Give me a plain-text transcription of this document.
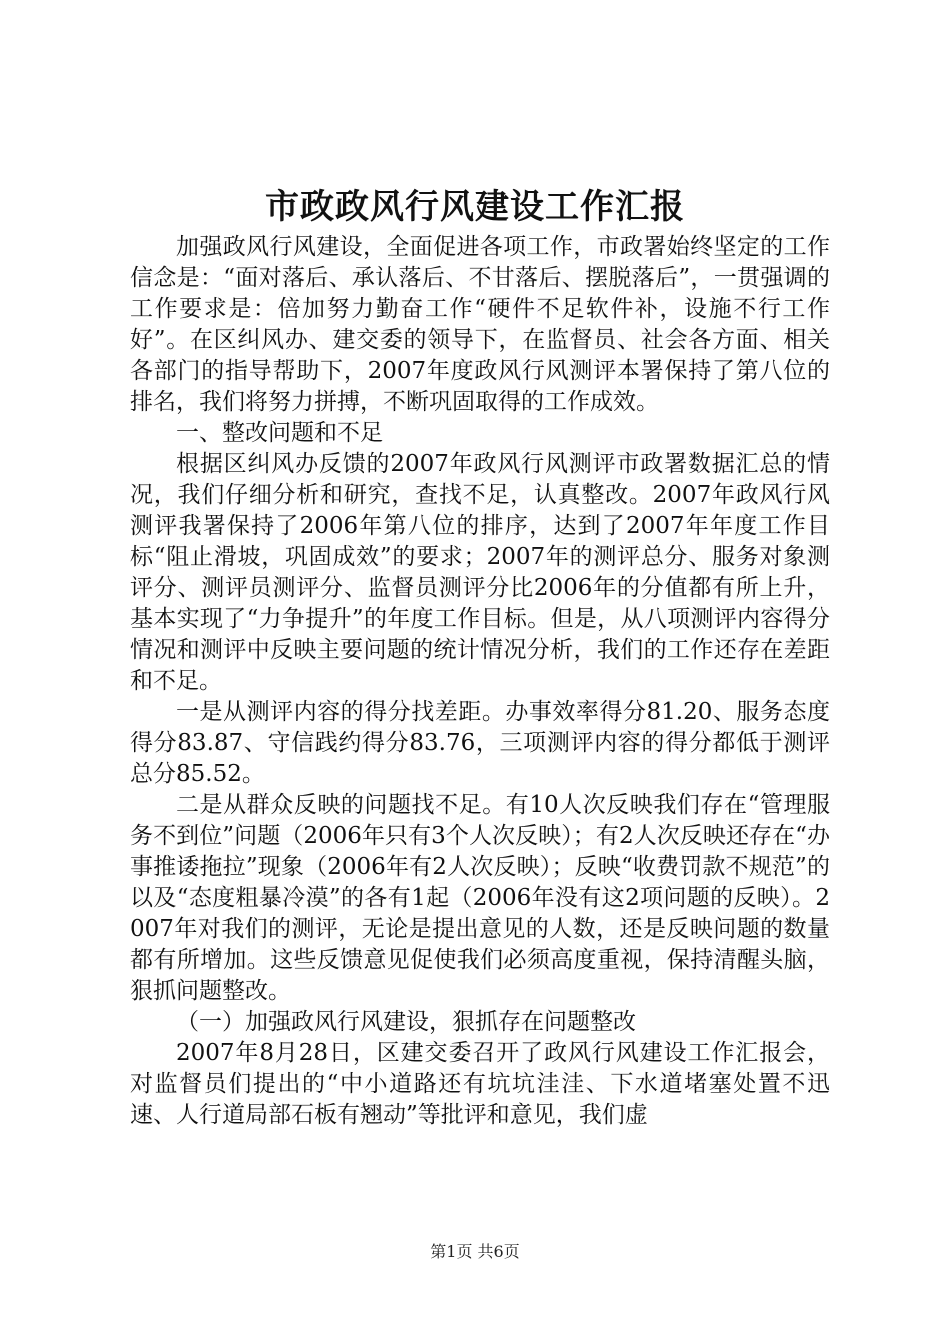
市政政风行风建设工作汇报

加强政风行风建设，全面促进各项工作，市政署始终坚定的工作信念是：“面对落后、承认落后、不甘落后、摆脱落后”，一贯强调的工作要求是：倍加努力勤奋工作“硬件不足软件补，设施不行工作好”。在区纠风办、建交委的领导下，在监督员、社会各方面、相关各部门的指导帮助下，2007年度政风行风测评本署保持了第八位的排名，我们将努力拼搏，不断巩固取得的工作成效。

一、整改问题和不足

根据区纠风办反馈的2007年政风行风测评市政署数据汇总的情况，我们仔细分析和研究，查找不足，认真整改。2007年政风行风测评我署保持了2006年第八位的排序，达到了2007年年度工作目标“阻止滑坡，巩固成效”的要求；2007年的测评总分、服务对象测评分、测评员测评分、监督员测评分比2006年的分值都有所上升，基本实现了“力争提升”的年度工作目标。但是，从八项测评内容得分情况和测评中反映主要问题的统计情况分析，我们的工作还存在差距和不足。

一是从测评内容的得分找差距。办事效率得分81.20、服务态度得分83.87、守信践约得分83.76，三项测评内容的得分都低于测评总分85.52。

二是从群众反映的问题找不足。有10人次反映我们存在“管理服务不到位”问题（2006年只有3个人次反映）；有2人次反映还存在“办事推诿拖拉”现象（2006年有2人次反映）；反映“收费罚款不规范”的以及“态度粗暴冷漠”的各有1起（2006年没有这2项问题的反映）。2007年对我们的测评，无论是提出意见的人数，还是反映问题的数量都有所增加。这些反馈意见促使我们必须高度重视，保持清醒头脑，狠抓问题整改。

（一）加强政风行风建设，狠抓存在问题整改

2007年8月28日，区建交委召开了政风行风建设工作汇报会，对监督员们提出的“中小道路还有坑坑洼洼、下水道堵塞处置不迅速、人行道局部石板有翘动”等批评和意见，我们虚

第1页 共6页
